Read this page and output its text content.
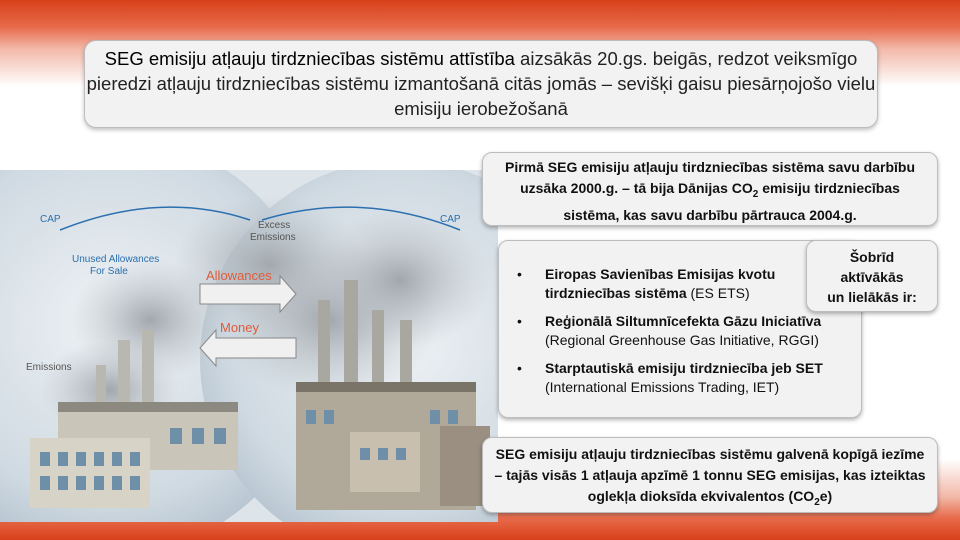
SEG emisiju atļauju tirdzniecības sistēmu attīstība aizsākās 20.gs. beigās, redzot veiksmīgo pieredzi atļauju tirdzniecības sistēmu izmantošanā citās jomās – sevišķi gaisu piesārņojošo vielu emisiju ierobežošanā
CAP	CAP
Excess
Emissions
Unused Allowances
For Sale	Allowances
Money
Emissions
Pirmā SEG emisiju atļauju tirdzniecības sistēma savu darbību uzsāka 2000.g. – tā bija Dānijas $CO_2$ emisiju tirdzniecības sistēma, kas savu darbību pārtrauca 2004.g.
• Eiropas Savienības Emisijas kvotu tirdzniecības sistēma (ES ETS)
• Reģionālā Siltumnīcefekta Gāzu Iniciatīva (Regional Greenhouse Gas Initiative, RGGI)
• Starptautiskā emisiju tirdzniecība jeb SET (International Emissions Trading, IET)
Šobrīd
aktīvākās
un lielākās ir:
SEG emisiju atļauju tirdzniecības sistēmu galvenā kopīgā iezīme – tajās visās 1 atļauja apzīmē 1 tonnu SEG emisijas, kas izteiktas oglekļa dioksīda ekvivalentos $(CO_2e)$
